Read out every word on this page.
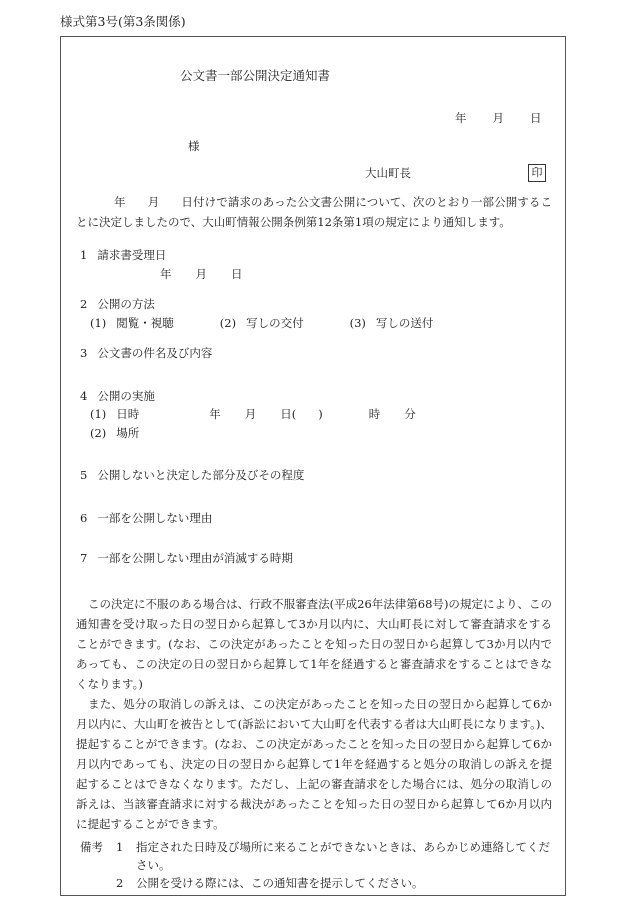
様式第3号(第3条関係)
公文書一部公開決定通知書
年 月 日
様
大山町長	印
年 月 日付けで請求のあった公文書公開について、次のとおり一部公開することに決定しましたので、大山町情報公開条例第12条第1項の規定により通知します。
1 請求書受理日
年 月 日
2 公開の方法
(1) 閲覧・視聴	(2) 写しの交付	(3) 写しの送付
3 公文書の件名及び内容
4 公開の実施
(1) 日時	年 月 日( )	時 分
(2) 場所
5 公開しないと決定した部分及びその程度
6 一部を公開しない理由
7 一部を公開しない理由が消滅する時期

この決定に不服のある場合は、行政不服審査法(平成26年法律第68号)の規定により、この通知書を受け取った日の翌日から起算して3か月以内に、大山町長に対して審査請求をすることができます。(なお、この決定があったことを知った日の翌日から起算して3か月以内であっても、この決定の日の翌日から起算して1年を経過すると審査請求をすることはできなくなります。)

また、処分の取消しの訴えは、この決定があったことを知った日の翌日から起算して6か月以内に、大山町を被告として(訴訟において大山町を代表する者は大山町長になります。)、提起することができます。(なお、この決定があったことを知った日の翌日から起算して6か月以内であっても、決定の日の翌日から起算して1年を経過すると処分の取消しの訴えを提起することはできなくなります。ただし、上記の審査請求をした場合には、処分の取消しの訴えは、当該審査請求に対する裁決があったことを知った日の翌日から起算して6か月以内に提起することができます。

備考	1	指定された日時及び場所に来ることができないときは、あらかじめ連絡してください。
2	公開を受ける際には、この通知書を提示してください。
